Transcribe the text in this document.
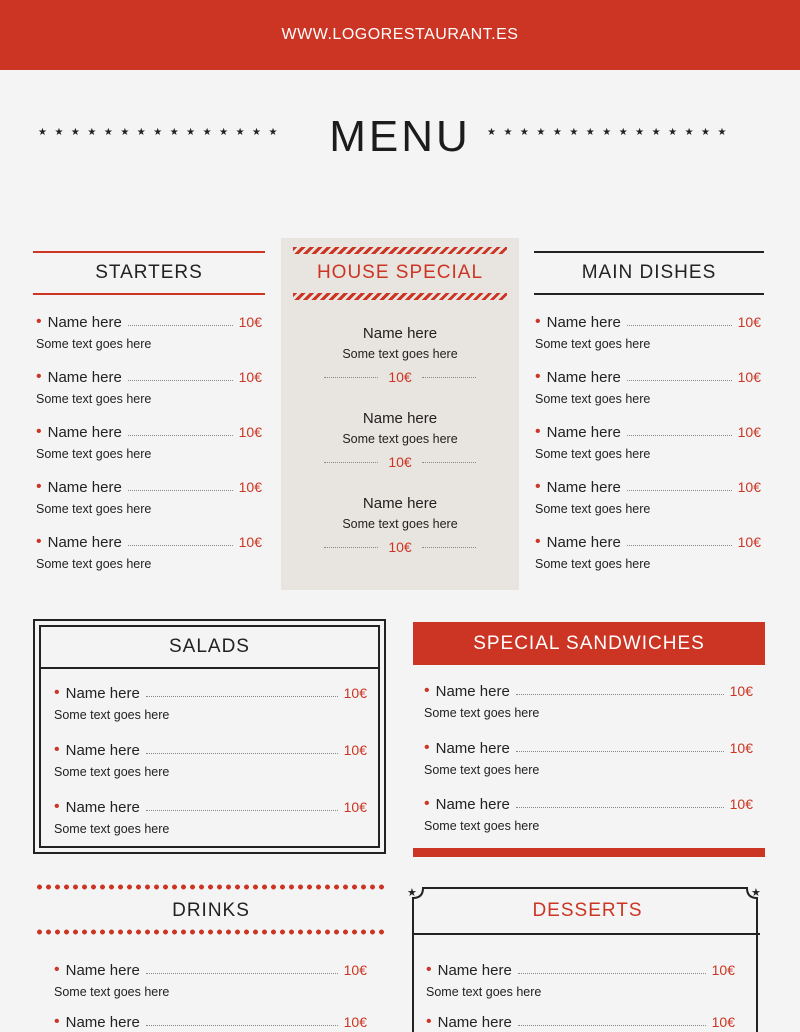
WWW.LOGORESTAURANT.ES
★★★★★★★★★★★★★★★	MENU	★★★★★★★★★★★★★★★
STARTERS
• Name here	10€
Some text goes here
• Name here	10€
Some text goes here
• Name here	10€
Some text goes here
• Name here	10€
Some text goes here
• Name here	10€
Some text goes here
HOUSE SPECIAL
Name here
Some text goes here
10€
Name here
Some text goes here
10€
Name here
Some text goes here
10€
MAIN DISHES
• Name here	10€
Some text goes here
• Name here	10€
Some text goes here
• Name here	10€
Some text goes here
• Name here	10€
Some text goes here
• Name here	10€
Some text goes here
SALADS
• Name here	10€
Some text goes here
• Name here	10€
Some text goes here
• Name here	10€
Some text goes here
SPECIAL SANDWICHES
• Name here	10€
Some text goes here
• Name here	10€
Some text goes here
• Name here	10€
Some text goes here
DRINKS
• Name here	10€
Some text goes here
• Name here	10€
★	★
DESSERTS
• Name here	10€
Some text goes here
• Name here	10€
